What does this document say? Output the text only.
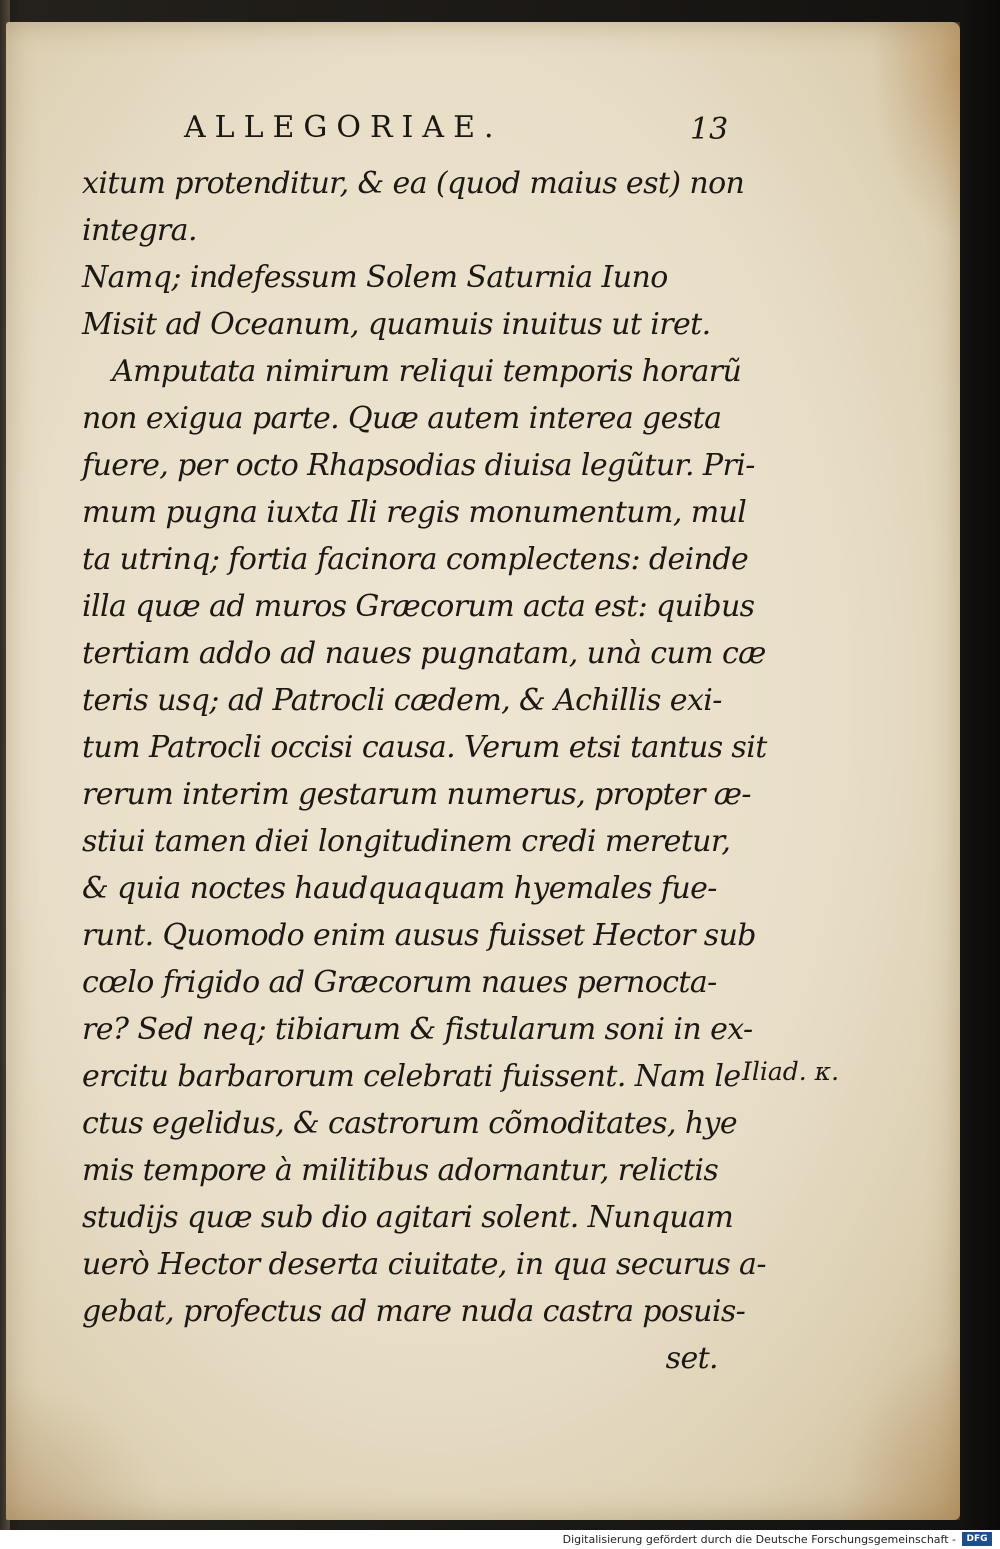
ALLEGORIAE.	13
xitum protenditur, & ea (quod maius est) non
integra.
Namq; indefessum Solem Saturnia Iuno
Misit ad Oceanum, quamuis inuitus ut iret.
Amputata nimirum reliqui temporis horarũ
non exigua parte. Quæ autem interea gesta
fuere, per octo Rhapsodias diuisa legũtur. Pri-
mum pugna iuxta Ili regis monumentum, mul
ta utrinq; fortia facinora complectens: deinde
illa quæ ad muros Græcorum acta est: quibus
tertiam addo ad naues pugnatam, unà cum cæ
teris usq; ad Patrocli cædem, & Achillis exi-
tum Patrocli occisi causa. Verum etsi tantus sit
rerum interim gestarum numerus, propter æ-
stiui tamen diei longitudinem credi meretur,
& quia noctes haudquaquam hyemales fue-
runt. Quomodo enim ausus fuisset Hector sub
cœlo frigido ad Græcorum naues pernocta-
re? Sed neq; tibiarum & fistularum soni in ex-
ercitu barbarorum celebrati fuissent. Nam le
ctus egelidus, & castrorum cõmoditates, hye
mis tempore à militibus adornantur, relictis
studijs quæ sub dio agitari solent. Nunquam
uerò Hector deserta ciuitate, in qua securus a-
gebat, profectus ad mare nuda castra posuis-
set.
Iliad. κ.
Digitalisierung gefördert durch die Deutsche Forschungsgemeinschaft -	DFG
